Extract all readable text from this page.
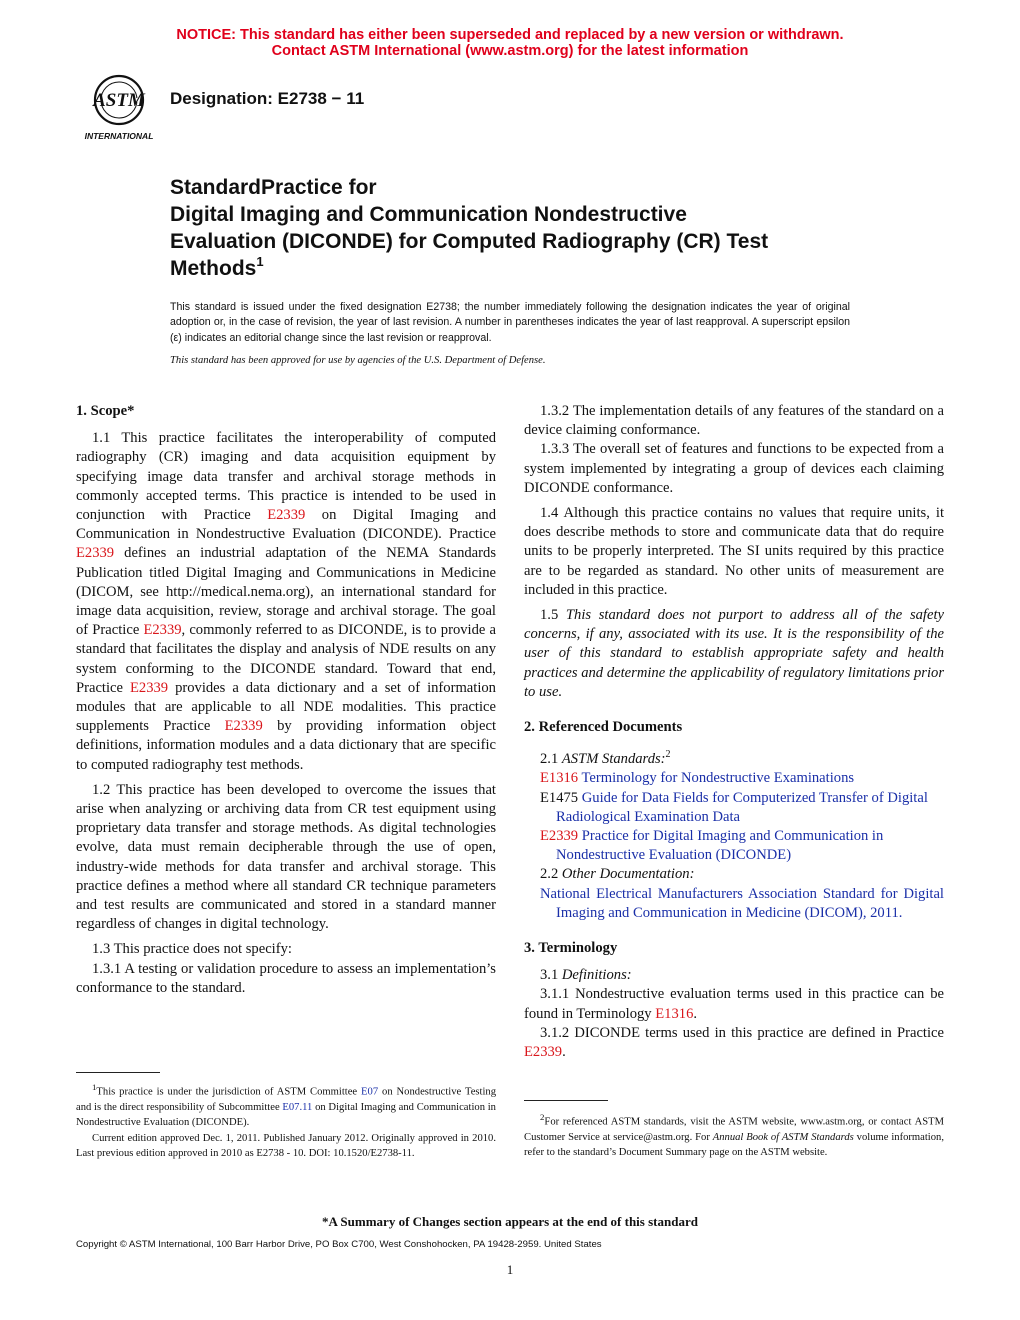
NOTICE: This standard has either been superseded and replaced by a new version or withdrawn.
Contact ASTM International (www.astm.org) for the latest information
ASTM
INTERNATIONAL
Designation: E2738 − 11
StandardPractice for
Digital Imaging and Communication Nondestructive
Evaluation (DICONDE) for Computed Radiography (CR) Test
Methods$^1$
This standard is issued under the fixed designation E2738; the number immediately following the designation indicates the year of original adoption or, in the case of revision, the year of last revision. A number in parentheses indicates the year of last reapproval. A superscript epsilon (ε) indicates an editorial change since the last revision or reapproval.
This standard has been approved for use by agencies of the U.S. Department of Defense.
1. Scope*

1.1 This practice facilitates the interoperability of computed radiography (CR) imaging and data acquisition equipment by specifying image data transfer and archival storage methods in commonly accepted terms. This practice is intended to be used in conjunction with Practice E2339 on Digital Imaging and Communication in Nondestructive Evaluation (DICONDE). Practice E2339 defines an industrial adaptation of the NEMA Standards Publication titled Digital Imaging and Communications in Medicine (DICOM, see http://medical.nema.org), an international standard for image data acquisition, review, storage and archival storage. The goal of Practice E2339, commonly referred to as DICONDE, is to provide a standard that facilitates the display and analysis of NDE results on any system conforming to the DICONDE standard. Toward that end, Practice E2339 provides a data dictionary and a set of information modules that are applicable to all NDE modalities. This practice supplements Practice E2339 by providing information object definitions, information modules and a data dictionary that are specific to computed radiography test methods.

1.2 This practice has been developed to overcome the issues that arise when analyzing or archiving data from CR test equipment using proprietary data transfer and storage methods. As digital technologies evolve, data must remain decipherable through the use of open, industry-wide methods for data transfer and archival storage. This practice defines a method where all standard CR technique parameters and test results are communicated and stored in a standard manner regardless of changes in digital technology.

1.3 This practice does not specify:

1.3.1 A testing or validation procedure to assess an implementation’s conformance to the standard.

$^1$This practice is under the jurisdiction of ASTM Committee E07 on Nondestructive Testing and is the direct responsibility of Subcommittee E07.11 on Digital Imaging and Communication in Nondestructive Evaluation (DICONDE).

Current edition approved Dec. 1, 2011. Published January 2012. Originally approved in 2010. Last previous edition approved in 2010 as E2738 - 10. DOI: 10.1520/E2738-11.

1.3.2 The implementation details of any features of the standard on a device claiming conformance.

1.3.3 The overall set of features and functions to be expected from a system implemented by integrating a group of devices each claiming DICONDE conformance.

1.4 Although this practice contains no values that require units, it does describe methods to store and communicate data that do require units to be properly interpreted. The SI units required by this practice are to be regarded as standard. No other units of measurement are included in this practice.

1.5 This standard does not purport to address all of the safety concerns, if any, associated with its use. It is the responsibility of the user of this standard to establish appropriate safety and health practices and determine the applicability of regulatory limitations prior to use.

2. Referenced Documents

2.1 ASTM Standards:$^2$

E1316 Terminology for Nondestructive Examinations

E1475 Guide for Data Fields for Computerized Transfer of Digital Radiological Examination Data

E2339 Practice for Digital Imaging and Communication in Nondestructive Evaluation (DICONDE)

2.2 Other Documentation:

National Electrical Manufacturers Association Standard for Digital Imaging and Communication in Medicine (DICOM), 2011.

3. Terminology

3.1 Definitions:

3.1.1 Nondestructive evaluation terms used in this practice can be found in Terminology E1316.

3.1.2 DICONDE terms used in this practice are defined in Practice E2339.

$^2$For referenced ASTM standards, visit the ASTM website, www.astm.org, or contact ASTM Customer Service at service@astm.org. For Annual Book of ASTM Standards volume information, refer to the standard’s Document Summary page on the ASTM website.

*A Summary of Changes section appears at the end of this standard
Copyright © ASTM International, 100 Barr Harbor Drive, PO Box C700, West Conshohocken, PA 19428-2959. United States
1
